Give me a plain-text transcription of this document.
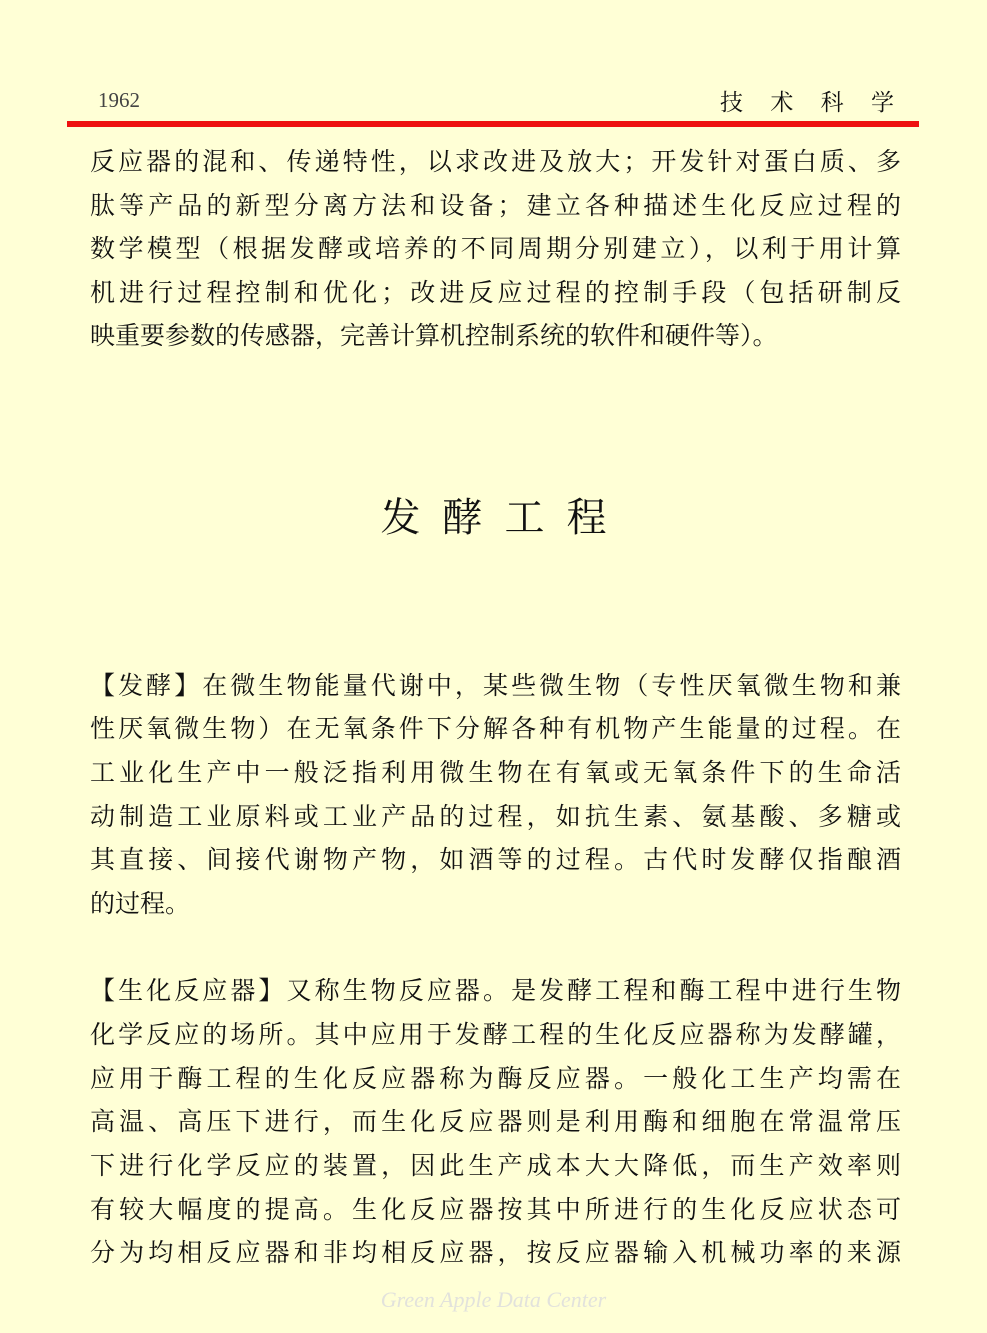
1962	技 术 科 学
反应器的混和、传递特性，以求改进及放大；开发针对蛋白质、多
肽等产品的新型分离方法和设备；建立各种描述生化反应过程的
数学模型（根据发酵或培养的不同周期分别建立），以利于用计算
机进行过程控制和优化；改进反应过程的控制手段（包括研制反
映重要参数的传感器，完善计算机控制系统的软件和硬件等）。
发酵工程
【发酵】在微生物能量代谢中，某些微生物（专性厌氧微生物和兼
性厌氧微生物）在无氧条件下分解各种有机物产生能量的过程。在
工业化生产中一般泛指利用微生物在有氧或无氧条件下的生命活
动制造工业原料或工业产品的过程，如抗生素、氨基酸、多糖或
其直接、间接代谢物产物，如酒等的过程。古代时发酵仅指酿酒
的过程。
【生化反应器】又称生物反应器。是发酵工程和酶工程中进行生物
化学反应的场所。其中应用于发酵工程的生化反应器称为发酵罐，
应用于酶工程的生化反应器称为酶反应器。一般化工生产均需在
高温、高压下进行，而生化反应器则是利用酶和细胞在常温常压
下进行化学反应的装置，因此生产成本大大降低，而生产效率则
有较大幅度的提高。生化反应器按其中所进行的生化反应状态可
分为均相反应器和非均相反应器，按反应器输入机械功率的来源
Green Apple Data Center
